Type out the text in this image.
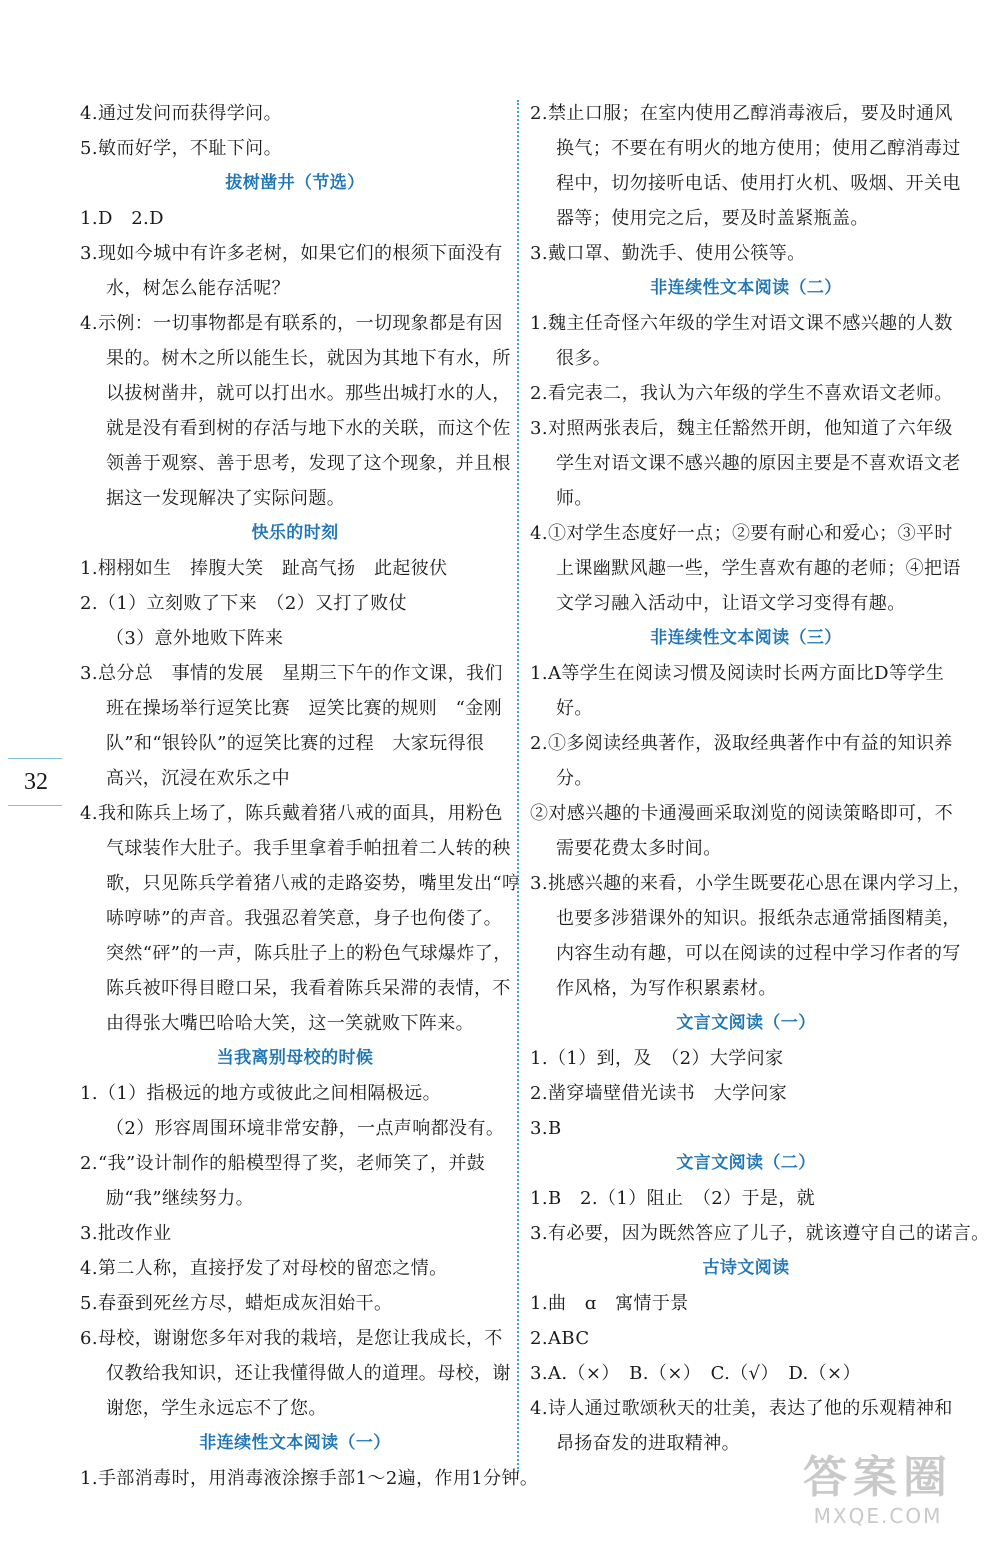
4.通过发问而获得学问。
5.敏而好学，不耻下问。
拔树凿井（节选）
1.D　2.D
3.现如今城中有许多老树，如果它们的根须下面没有
水，树怎么能存活呢？
4.示例：一切事物都是有联系的，一切现象都是有因
果的。树木之所以能生长，就因为其地下有水，所
以拔树凿井，就可以打出水。那些出城打水的人，
就是没有看到树的存活与地下水的关联，而这个佐
领善于观察、善于思考，发现了这个现象，并且根
据这一发现解决了实际问题。
快乐的时刻
1.栩栩如生　捧腹大笑　趾高气扬　此起彼伏
2.（1）立刻败了下来　（2）又打了败仗
（3）意外地败下阵来
3.总分总　事情的发展　星期三下午的作文课，我们
班在操场举行逗笑比赛　逗笑比赛的规则　“金刚
队”和“银铃队”的逗笑比赛的过程　大家玩得很
高兴，沉浸在欢乐之中
4.我和陈兵上场了，陈兵戴着猪八戒的面具，用粉色
气球装作大肚子。我手里拿着手帕扭着二人转的秧
歌，只见陈兵学着猪八戒的走路姿势，嘴里发出“哼
哧哼哧”的声音。我强忍着笑意，身子也佝偻了。
突然“砰”的一声，陈兵肚子上的粉色气球爆炸了，
陈兵被吓得目瞪口呆，我看着陈兵呆滞的表情，不
由得张大嘴巴哈哈大笑，这一笑就败下阵来。
当我离别母校的时候
1.（1）指极远的地方或彼此之间相隔极远。
（2）形容周围环境非常安静，一点声响都没有。
2.“我”设计制作的船模型得了奖，老师笑了，并鼓
励“我”继续努力。
3.批改作业
4.第二人称，直接抒发了对母校的留恋之情。
5.春蚕到死丝方尽，蜡炬成灰泪始干。
6.母校，谢谢您多年对我的栽培，是您让我成长，不
仅教给我知识，还让我懂得做人的道理。母校，谢
谢您，学生永远忘不了您。
非连续性文本阅读（一）
1.手部消毒时，用消毒液涂擦手部1～2遍，作用1分钟。
2.禁止口服；在室内使用乙醇消毒液后，要及时通风
换气；不要在有明火的地方使用；使用乙醇消毒过
程中，切勿接听电话、使用打火机、吸烟、开关电
器等；使用完之后，要及时盖紧瓶盖。
3.戴口罩、勤洗手、使用公筷等。
非连续性文本阅读（二）
1.魏主任奇怪六年级的学生对语文课不感兴趣的人数
很多。
2.看完表二，我认为六年级的学生不喜欢语文老师。
3.对照两张表后，魏主任豁然开朗，他知道了六年级
学生对语文课不感兴趣的原因主要是不喜欢语文老
师。
4.①对学生态度好一点；②要有耐心和爱心；③平时
上课幽默风趣一些，学生喜欢有趣的老师；④把语
文学习融入活动中，让语文学习变得有趣。
非连续性文本阅读（三）
1.A等学生在阅读习惯及阅读时长两方面比D等学生
好。
2.①多阅读经典著作，汲取经典著作中有益的知识养
分。
②对感兴趣的卡通漫画采取浏览的阅读策略即可，不
需要花费太多时间。
3.挑感兴趣的来看，小学生既要花心思在课内学习上，
也要多涉猎课外的知识。报纸杂志通常插图精美，
内容生动有趣，可以在阅读的过程中学习作者的写
作风格，为写作积累素材。
文言文阅读（一）
1.（1）到，及　（2）大学问家
2.凿穿墙壁借光读书　大学问家
3.B
文言文阅读（二）
1.B　2.（1）阻止　（2）于是，就
3.有必要，因为既然答应了儿子，就该遵守自己的诺言。
古诗文阅读
1.曲　ɑ　寓情于景
2.ABC
3.A.（×）　B.（×）　C.（√）　D.（×）
4.诗人通过歌颂秋天的壮美，表达了他的乐观精神和
昂扬奋发的进取精神。
32
答案圈
MXQE.COM
